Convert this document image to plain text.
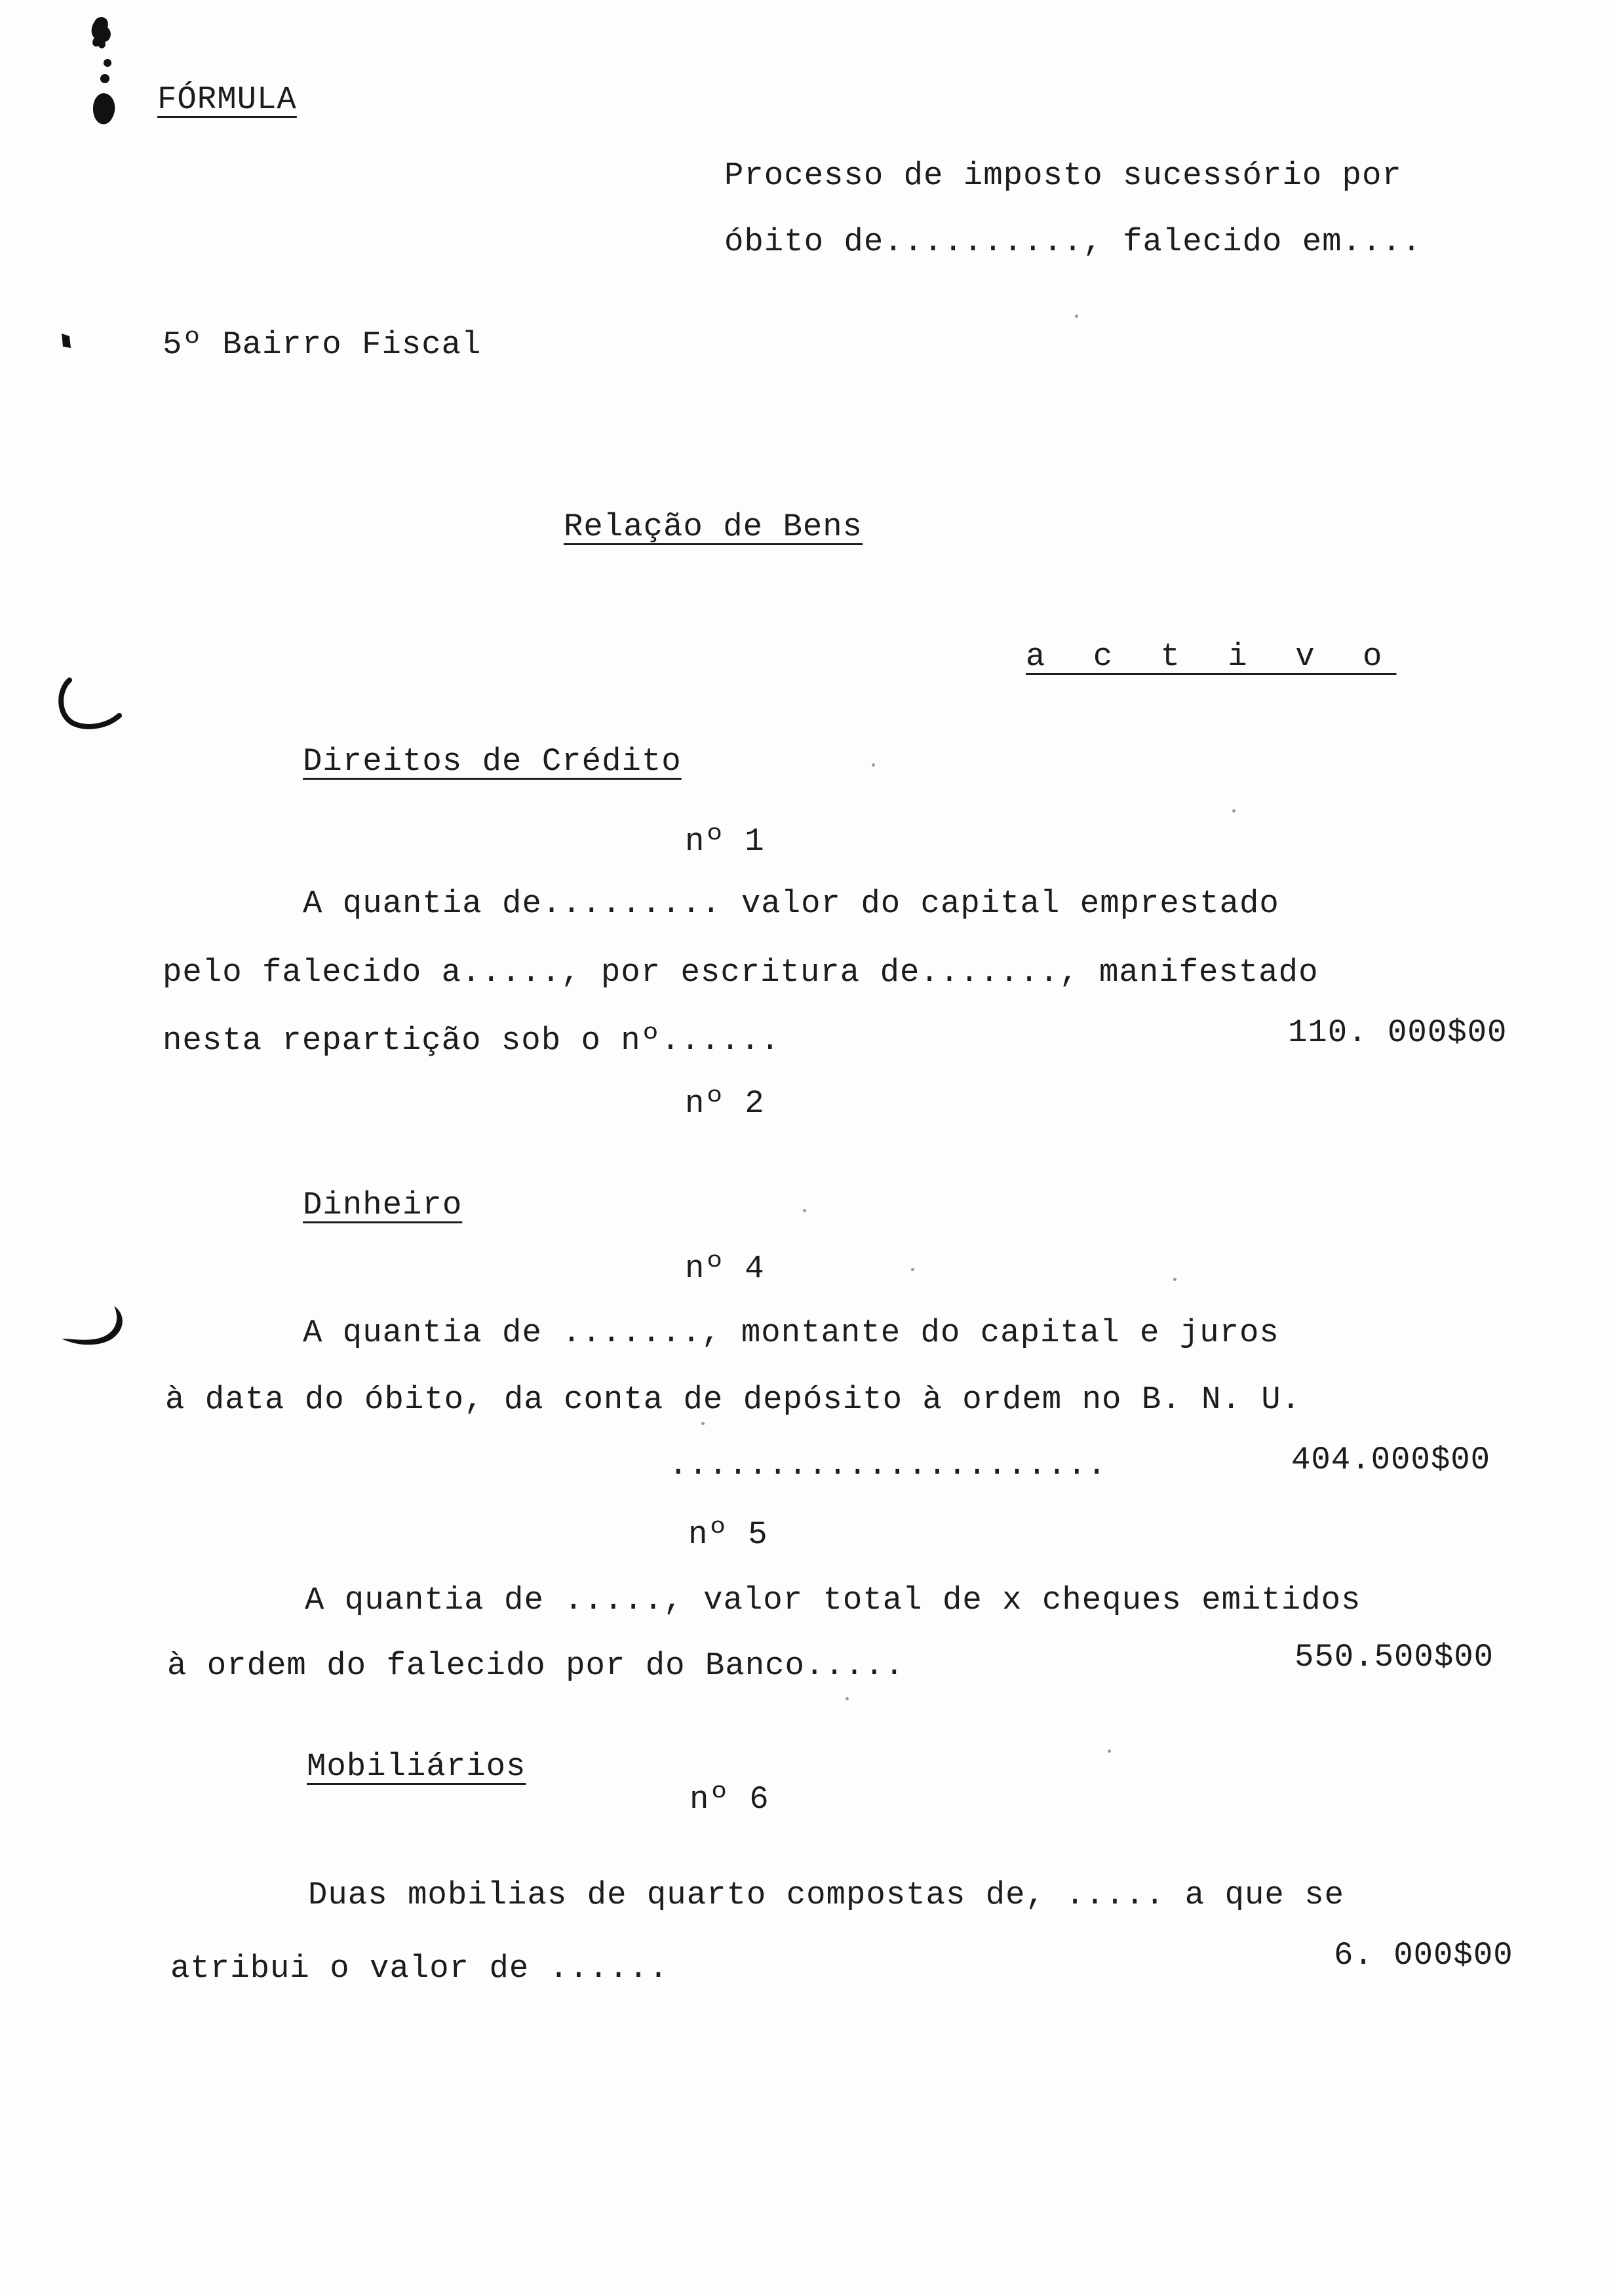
FÓRMULA
Processo de imposto sucessório por
óbito de.........., falecido em....
5º Bairro Fiscal
Relação de Bens
a c t i v o
Direitos de Crédito
nº 1
A quantia de......... valor do capital emprestado
pelo falecido a....., por escritura de......., manifestado
nesta repartição sob o nº......	110. 000$00
nº 2
Dinheiro
nº 4
A quantia de ......., montante do capital e juros
à data do óbito, da conta de depósito à ordem no B. N. U.
......................	404.000$00
nº 5
A quantia de ....., valor total de x cheques emitidos
à ordem do falecido por do Banco.....	550.500$00
Mobiliários
nº 6
Duas mobilias de quarto compostas de, ..... a que se
atribui o valor de ......	6. 000$00
